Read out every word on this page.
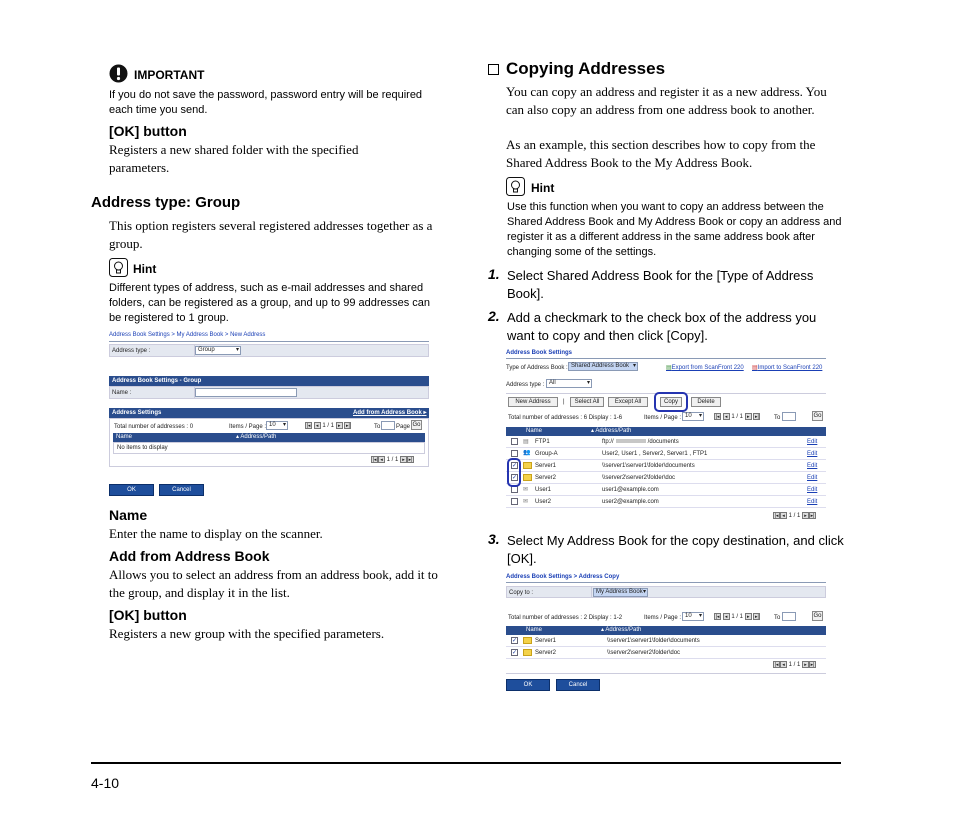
IMPORTANT
If you do not save the password, password entry will be required each time you send.
[OK] button
Registers a new shared folder with the specified parameters.
Address type: Group
This option registers several registered addresses together as a group.
Hint
Different types of address, such as e-mail addresses and shared folders, can be registered as a group, and up to 99 addresses can be registered to 1 group.
Address Book Settings > My Address Book > New Address
Address type :	Group	▾
Address Book Settings - Group
Name :
Address Settings	Add from Address Book ▸
Total number of addresses : 0	Items / Page : 10 ▾	|◂ ◂ 1 / 1 ▸ ▸|	To	Page Go
Name	▴ Address/Path
No items to display
|◂ ◂ 1 / 1 ▸ ▸|
OK	Cancel
Name
Enter the name to display on the scanner.
Add from Address Book
Allows you to select an address from an address book, add it to the group, and display it in the list.
[OK] button
Registers a new group with the specified parameters.
Copying Addresses
You can copy an address and register it as a new address. You can also copy an address from one address book to another.
As an example, this section describes how to copy from the Shared Address Book to the My Address Book.
Hint
Use this function when you want to copy an address between the Shared Address Book and My Address Book or copy an address and register it as a different address in the same address book after changing some of the settings.
1. Select Shared Address Book for the [Type of Address Book].
2. Add a checkmark to the check box of the address you want to copy and then click [Copy].
Address Book Settings
Type of Address Book : Shared Address Book ▾	▤Export from ScanFront 220 ▤Import to ScanFront 220
Address type : All	▾
New Address	|	Select All	Except All	Copy	Delete
Total number of addresses : 6 Display : 1-6	Items / Page : 10 ▾	|◂ ◂ 1 / 1 ▸ ▸|	To	Go
Name	▴ Address/Path
▤ FTP1	ftp://	/documents	Edit
👥 Group-A	User2, User1 , Server2, Server1 , FTP1	Edit
✓	Server1	\\server1\server1\folder\documents	Edit
✓	Server2	\\server2\server2\folder\doc	Edit
✉ User1	user1@example.com	Edit
✉ User2	user2@example.com	Edit
|◂ ◂ 1 / 1 ▸ ▸|
3. Select My Address Book for the copy destination, and click [OK].
Address Book Settings > Address Copy
Copy to :	My Address Book ▾
Total number of addresses : 2 Display : 1-2	Items / Page : 10 ▾	|◂ ◂ 1 / 1 ▸ ▸|	To	Go
Name	▴ Address/Path
✓	Server1	\\server1\server1\folder\documents
✓	Server2	\\server2\server2\folder\doc
|◂ ◂ 1 / 1 ▸ ▸|
OK	Cancel
4-10
